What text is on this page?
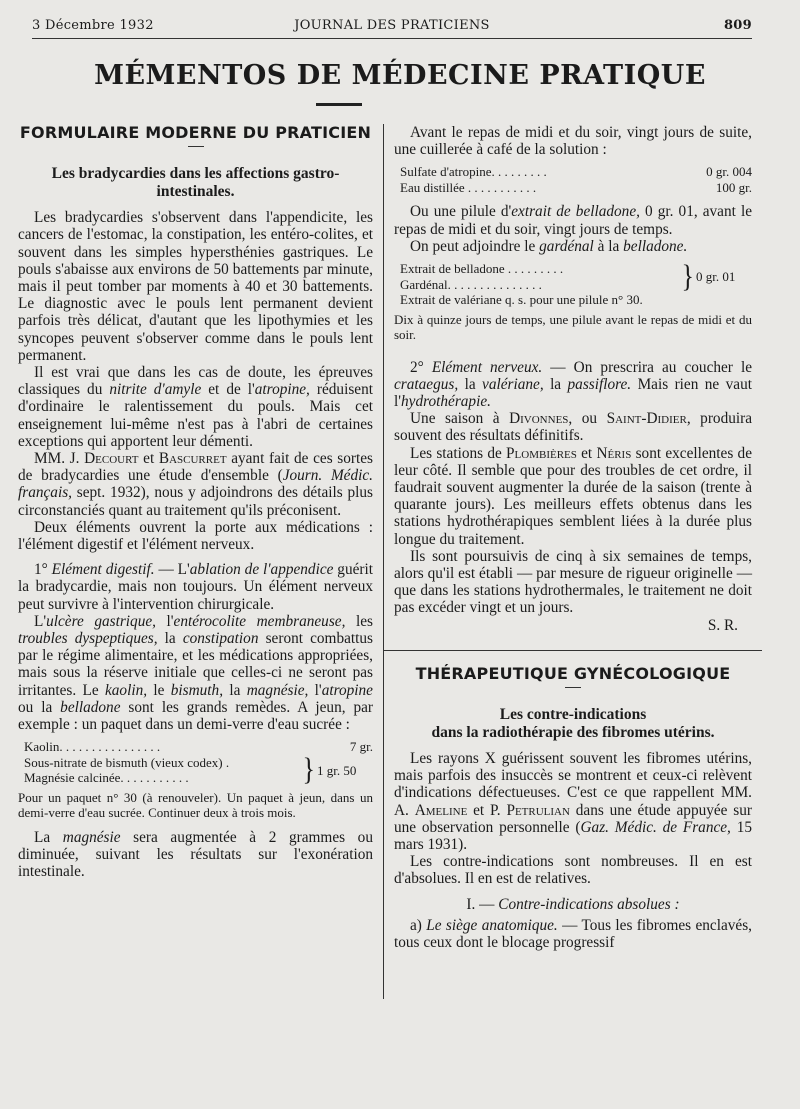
3 Décembre 1932	JOURNAL DES PRATICIENS	809
MÉMENTOS DE MÉDECINE PRATIQUE
FORMULAIRE MODERNE DU PRATICIEN
Les bradycardies dans les affections gastro-intestinales.

Les bradycardies s'observent dans l'appendicite, les cancers de l'estomac, la constipation, les entéro-colites, et souvent dans les simples hypersthénies gastriques. Le pouls s'abaisse aux environs de 50 battements par minute, mais il peut tomber par moments à 40 et 30 battements. Le diagnostic avec le pouls lent permanent devient parfois très délicat, d'autant que les lipothymies et les syncopes peuvent s'observer comme dans le pouls lent permanent.

Il est vrai que dans les cas de doute, les épreuves classiques du nitrite d'amyle et de l'atropine, réduisent d'ordinaire le ralentissement du pouls. Mais cet enseignement lui-même n'est pas à l'abri de certaines exceptions qui apportent leur démenti.

MM. J. Decourt et Bascurret ayant fait de ces sortes de bradycardies une étude d'ensemble (Journ. Médic. français, sept. 1932), nous y adjoindrons des détails plus circonstanciés quant au traitement qu'ils préconisent.

Deux éléments ouvrent la porte aux médications : l'élément digestif et l'élément nerveux.

1° Elément digestif. — L'ablation de l'appendice guérit la bradycardie, mais non toujours. Un élément nerveux peut survivre à l'intervention chirurgicale.

L'ulcère gastrique, l'entérocolite membraneuse, les troubles dyspeptiques, la constipation seront combattus par le régime alimentaire, et les médications appropriées, mais sous la réserve initiale que celles-ci ne seront pas irritantes. Le kaolin, le bismuth, la magnésie, l'atropine ou la belladone sont les grands remèdes. A jeun, par exemple : un paquet dans un demi-verre d'eau sucrée :

Kaolin. . . . . . . . . . . . . . . .	7 gr.
Sous-nitrate de bismuth (vieux codex) .
Magnésie calcinée. . . . . . . . . . .	} 1 gr. 50
Pour un paquet n° 30 (à renouveler). Un paquet à jeun, dans un demi-verre d'eau sucrée. Continuer deux à trois mois.

La magnésie sera augmentée à 2 grammes ou diminuée, suivant les résultats sur l'exonération intestinale.

Avant le repas de midi et du soir, vingt jours de suite, une cuillerée à café de la solution :

Sulfate d'atropine. . . . . . . . .	0 gr. 004
Eau distillée . . . . . . . . . . .	100 gr.

Ou une pilule d'extrait de belladone, 0 gr. 01, avant le repas de midi et du soir, vingt jours de temps.

On peut adjoindre le gardénal à la belladone.

Extrait de belladone . . . . . . . . .
Gardénal. . . . . . . . . . . . . . .	} 0 gr. 01
Extrait de valériane q. s. pour une pilule n° 30.
Dix à quinze jours de temps, une pilule avant le repas de midi et du soir.

2° Elément nerveux. — On prescrira au coucher le crataegus, la valériane, la passiflore. Mais rien ne vaut l'hydrothérapie.

Une saison à Divonnes, ou Saint-Didier, produira souvent des résultats définitifs.

Les stations de Plombières et Néris sont excellentes de leur côté. Il semble que pour des troubles de cet ordre, il faudrait souvent augmenter la durée de la saison (trente à quarante jours). Les meilleurs effets obtenus dans les stations hydrothérapiques semblent liées à la durée plus longue du traitement.

Ils sont poursuivis de cinq à six semaines de temps, alors qu'il est établi — par mesure de rigueur originelle — que dans les stations hydrothermales, le traitement ne doit pas excéder vingt et un jours.

S. R.
THÉRAPEUTIQUE GYNÉCOLOGIQUE
Les contre-indications
dans la radiothérapie des fibromes utérins.

Les rayons X guérissent souvent les fibromes utérins, mais parfois des insuccès se montrent et ceux-ci relèvent d'indications défectueuses. C'est ce que rappellent MM. A. Ameline et P. Petrulian dans une étude appuyée sur une observation personnelle (Gaz. Médic. de France, 15 mars 1931).

Les contre-indications sont nombreuses. Il en est d'absolues. Il en est de relatives.

I. — Contre-indications absolues :

a) Le siège anatomique. — Tous les fibromes enclavés, tous ceux dont le blocage progressif
